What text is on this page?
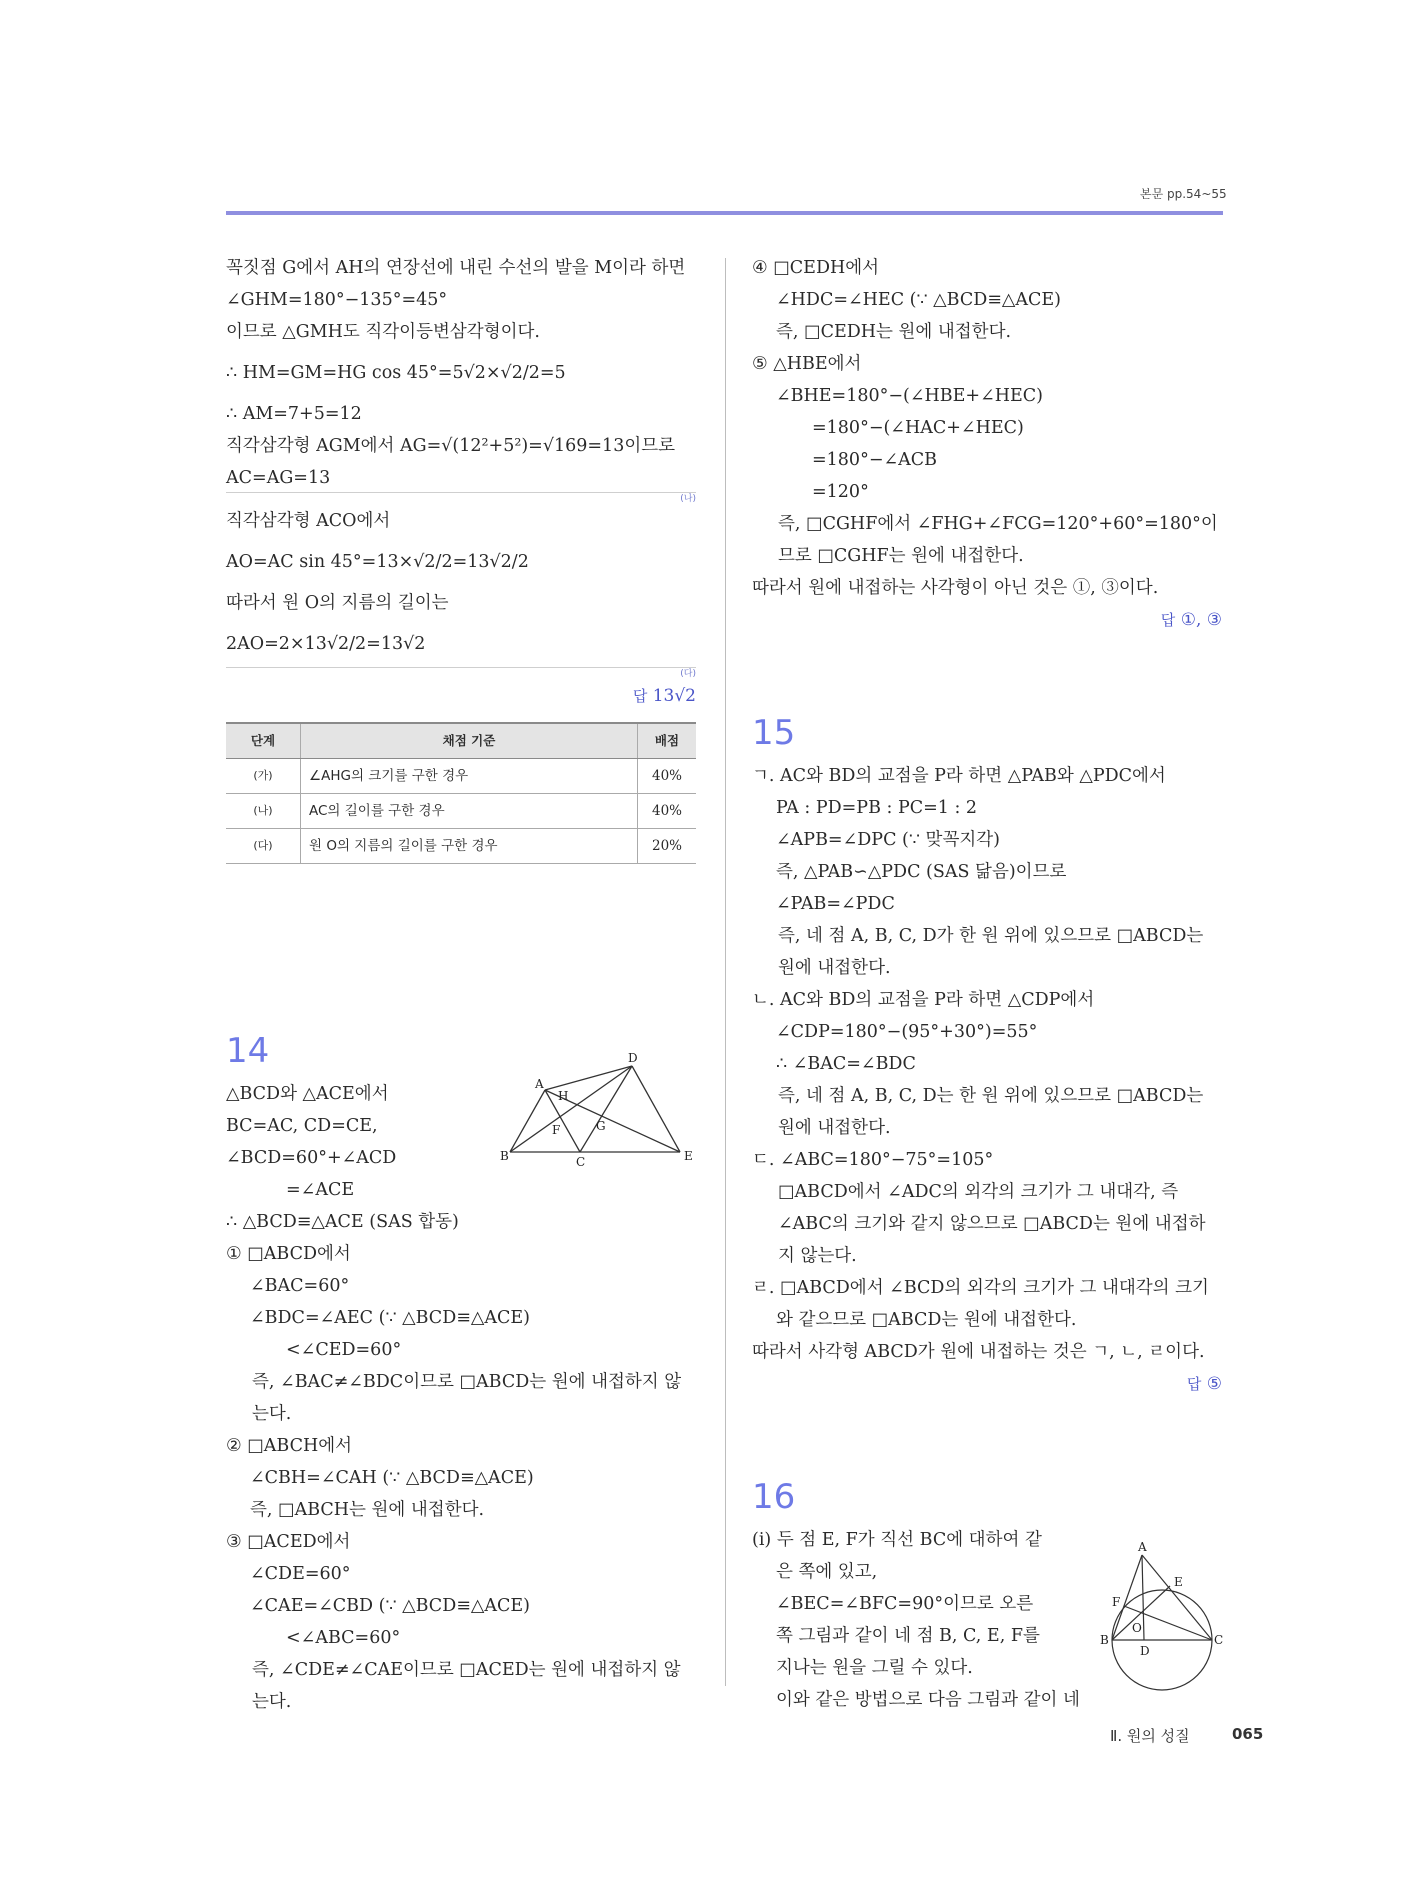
본문 pp.54~55
꼭짓점 G에서 AH의 연장선에 내린 수선의 발을 M이라 하면
∠GHM=180°−135°=45°
이므로 △GMH도 직각이등변삼각형이다.
∴ HM=GM=HG cos 45°=5√2×√2/2=5
∴ AM=7+5=12
직각삼각형 AGM에서 AG=√(12²+5²)=√169=13이므로
AC=AG=13
(나)
직각삼각형 ACO에서
AO=AC sin 45°=13×√2/2=13√2/2
따라서 원 O의 지름의 길이는
2AO=2×13√2/2=13√2
(다)
답 13√2
단계	채점 기준	배점
(가)	∠AHG의 크기를 구한 경우	40%
(나)	AC의 길이를 구한 경우	40%
(다)	원 O의 지름의 길이를 구한 경우	20%
14
△BCD와 △ACE에서
BC=AC, CD=CE,
∠BCD=60°+∠ACD
=∠ACE
∴ △BCD≡△ACE (SAS 합동)
① □ABCD에서
∠BAC=60°
∠BDC=∠AEC (∵ △BCD≡△ACE)
<∠CED=60°
즉, ∠BAC≠∠BDC이므로 □ABCD는 원에 내접하지 않는다.
② □ABCH에서
∠CBH=∠CAH (∵ △BCD≡△ACE)
즉, □ABCH는 원에 내접한다.
③ □ACED에서
∠CDE=60°
∠CAE=∠CBD (∵ △BCD≡△ACE)
<∠ABC=60°
즉, ∠CDE≠∠CAE이므로 □ACED는 원에 내접하지 않는다.
D
A
H
F	G
B	C	E
④ □CEDH에서
∠HDC=∠HEC (∵ △BCD≡△ACE)
즉, □CEDH는 원에 내접한다.
⑤ △HBE에서
∠BHE=180°−(∠HBE+∠HEC)
=180°−(∠HAC+∠HEC)
=180°−∠ACB
=120°
즉, □CGHF에서 ∠FHG+∠FCG=120°+60°=180°이므로 □CGHF는 원에 내접한다.
따라서 원에 내접하는 사각형이 아닌 것은 ①, ③이다.
답 ①, ③
15
ㄱ. AC와 BD의 교점을 P라 하면 △PAB와 △PDC에서
PA : PD=PB : PC=1 : 2
∠APB=∠DPC (∵ 맞꼭지각)
즉, △PAB∽△PDC (SAS 닮음)이므로
∠PAB=∠PDC
즉, 네 점 A, B, C, D가 한 원 위에 있으므로 □ABCD는 원에 내접한다.
ㄴ. AC와 BD의 교점을 P라 하면 △CDP에서
∠CDP=180°−(95°+30°)=55°
∴ ∠BAC=∠BDC
즉, 네 점 A, B, C, D는 한 원 위에 있으므로 □ABCD는 원에 내접한다.
ㄷ. ∠ABC=180°−75°=105°
□ABCD에서 ∠ADC의 외각의 크기가 그 내대각, 즉 ∠ABC의 크기와 같지 않으므로 □ABCD는 원에 내접하지 않는다.
ㄹ. □ABCD에서 ∠BCD의 외각의 크기가 그 내대각의 크기와 같으므로 □ABCD는 원에 내접한다.
따라서 사각형 ABCD가 원에 내접하는 것은 ㄱ, ㄴ, ㄹ이다.
답 ⑤
16
(i) 두 점 E, F가 직선 BC에 대하여 같은 쪽에 있고, ∠BEC=∠BFC=90°이므로 오른쪽 그림과 같이 네 점 B, C, E, F를 지나는 원을 그릴 수 있다.
이와 같은 방법으로 다음 그림과 같이 네
A
E
F
O
B
D
C
Ⅱ. 원의 성질	065
